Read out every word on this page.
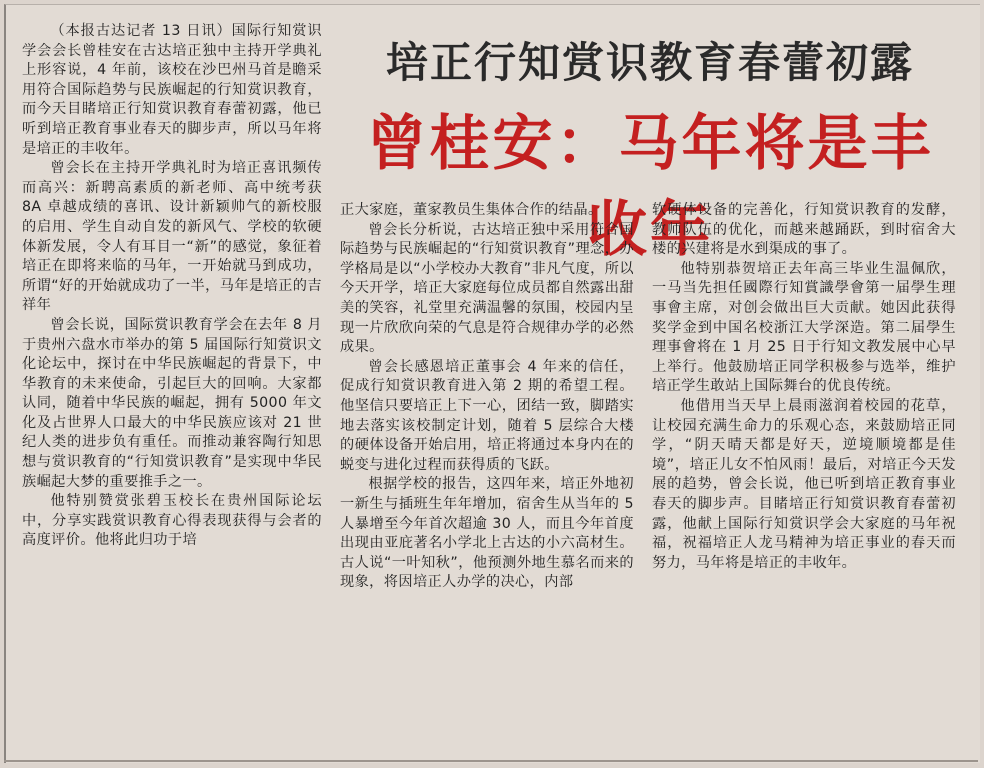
培正行知赏识教育春蕾初露
曾桂安：马年将是丰收年

（本报古达记者 13 日讯）国际行知赏识学会会长曾桂安在古达培正独中主持开学典礼上形容说，4 年前，该校在沙巴州马首是瞻采用符合国际趋势与民族崛起的行知赏识教育，而今天目睹培正行知赏识教育春蕾初露，他已听到培正教育事业春天的脚步声，所以马年将是培正的丰收年。

曾会长在主持开学典礼时为培正喜讯频传而高兴：新聘高素质的新老师、高中统考获 8A 卓越成绩的喜讯、设计新颖帅气的新校服的启用、学生自动自发的新风气、学校的软硬体新发展，令人有耳目一“新”的感觉，象征着培正在即将来临的马年，一开始就马到成功，所谓“好的开始就成功了一半，马年是培正的吉祥年

曾会长说，国际赏识教育学会在去年 8 月于贵州六盘水市举办的第 5 届国际行知赏识文化论坛中，探讨在中华民族崛起的背景下，中华教育的未来使命，引起巨大的回响。大家都认同，随着中华民族的崛起，拥有 5000 年文化及占世界人口最大的中华民族应该对 21 世纪人类的进步负有重任。而推动兼容陶行知思想与赏识教育的“行知赏识教育”是实现中华民族崛起大梦的重要推手之一。

他特别赞赏张碧玉校长在贵州国际论坛中，分享实践赏识教育心得表现获得与会者的高度评价。他将此归功于培

正大家庭，董家教员生集体合作的结晶。

曾会长分析说，古达培正独中采用符合国际趋势与民族崛起的“行知赏识教育”理念，办学格局是以“小学校办大教育”非凡气度，所以今天开学，培正大家庭每位成员都自然露出甜美的笑容，礼堂里充满温馨的氛围，校园内呈现一片欣欣向荣的气息是符合规律办学的必然成果。

曾会长感恩培正董事会 4 年来的信任，促成行知赏识教育进入第 2 期的希望工程。他坚信只要培正上下一心，团结一致，脚踏实地去落实该校制定计划，随着 5 层综合大楼的硬体设备开始启用，培正将通过本身内在的蜕变与进化过程而获得质的飞跃。

根据学校的报告，这四年来，培正外地初一新生与插班生年年增加，宿舍生从当年的 5 人暴增至今年首次超逾 30 人，而且今年首度出现由亚庇著名小学北上古达的小六高材生。古人说“一叶知秋”，他预测外地生慕名而来的现象，将因培正人办学的决心，内部

软硬体设备的完善化，行知赏识教育的发酵，教师队伍的优化，而越来越踊跃，到时宿舍大楼的兴建将是水到渠成的事了。

他特别恭贺培正去年高三毕业生温佩欣，一马当先担任國際行知賞識學會第一届學生理事會主席，对创会做出巨大贡献。她因此获得奖学金到中国名校浙江大学深造。第二届學生理事會将在 1 月 25 日于行知文教发展中心早上举行。他鼓励培正同学积极参与选举，维护培正学生敢站上国际舞台的优良传统。

他借用当天早上晨雨滋润着校园的花草，让校园充满生命力的乐观心态，来鼓励培正同学，“阴天晴天都是好天，逆境顺境都是佳境”，培正儿女不怕风雨！最后，对培正今天发展的趋势，曾会长说，他已听到培正教育事业春天的脚步声。目睹培正行知赏识教育春蕾初露，他献上国际行知赏识学会大家庭的马年祝福，祝福培正人龙马精神为培正事业的春天而努力，马年将是培正的丰收年。
